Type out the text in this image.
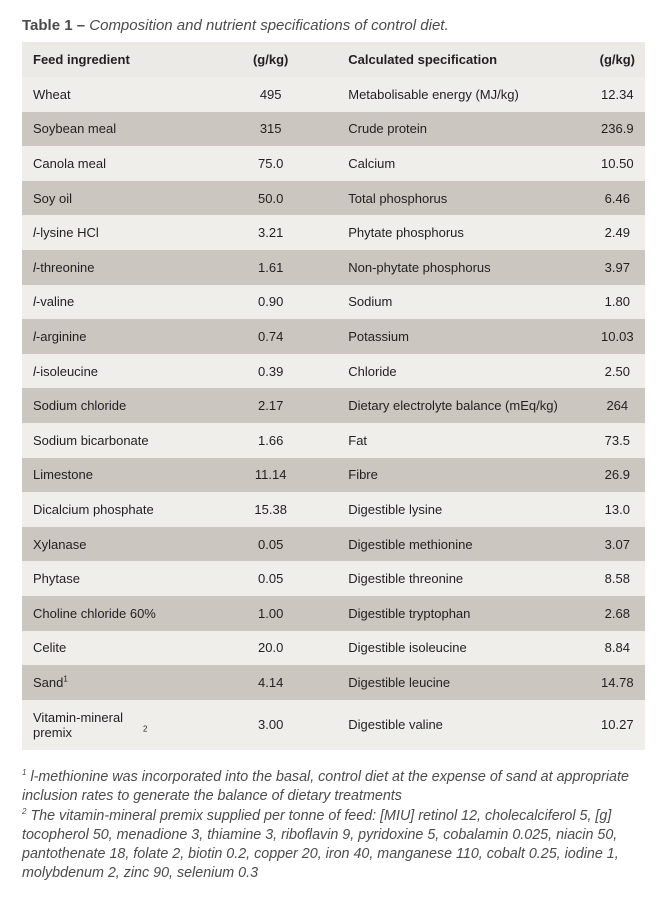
Table 1 – Composition and nutrient specifications of control diet.
Feed ingredient	(g/kg)	Calculated specification	(g/kg)
Wheat	495	Metabolisable energy (MJ/kg)	12.34
Soybean meal	315	Crude protein	236.9
Canola meal	75.0	Calcium	10.50
Soy oil	50.0	Total phosphorus	6.46
l-lysine HCl	3.21	Phytate phosphorus	2.49
l-threonine	1.61	Non-phytate phosphorus	3.97
l-valine	0.90	Sodium	1.80
l-arginine	0.74	Potassium	10.03
l-isoleucine	0.39	Chloride	2.50
Sodium chloride	2.17	Dietary electrolyte balance (mEq/kg)	264
Sodium bicarbonate	1.66	Fat	73.5
Limestone	11.14	Fibre	26.9
Dicalcium phosphate	15.38	Digestible lysine	13.0
Xylanase	0.05	Digestible methionine	3.07
Phytase	0.05	Digestible threonine	8.58
Choline chloride 60%	1.00	Digestible tryptophan	2.68
Celite	20.0	Digestible isoleucine	8.84
Sand$^1$	4.14	Digestible leucine	14.78
Vitamin-mineral premix $^2$	3.00	Digestible valine	10.27

$^1$ l-methionine was incorporated into the basal, control diet at the expense of sand at appropriate inclusion rates to generate the balance of dietary treatments

$^2$ The vitamin-mineral premix supplied per tonne of feed: [MIU] retinol 12, cholecalciferol 5, [g] tocopherol 50, menadione 3, thiamine 3, riboflavin 9, pyridoxine 5, cobalamin 0.025, niacin 50, pantothenate 18, folate 2, biotin 0.2, copper 20, iron 40, manganese 110, cobalt 0.25, iodine 1, molybdenum 2, zinc 90, selenium 0.3
